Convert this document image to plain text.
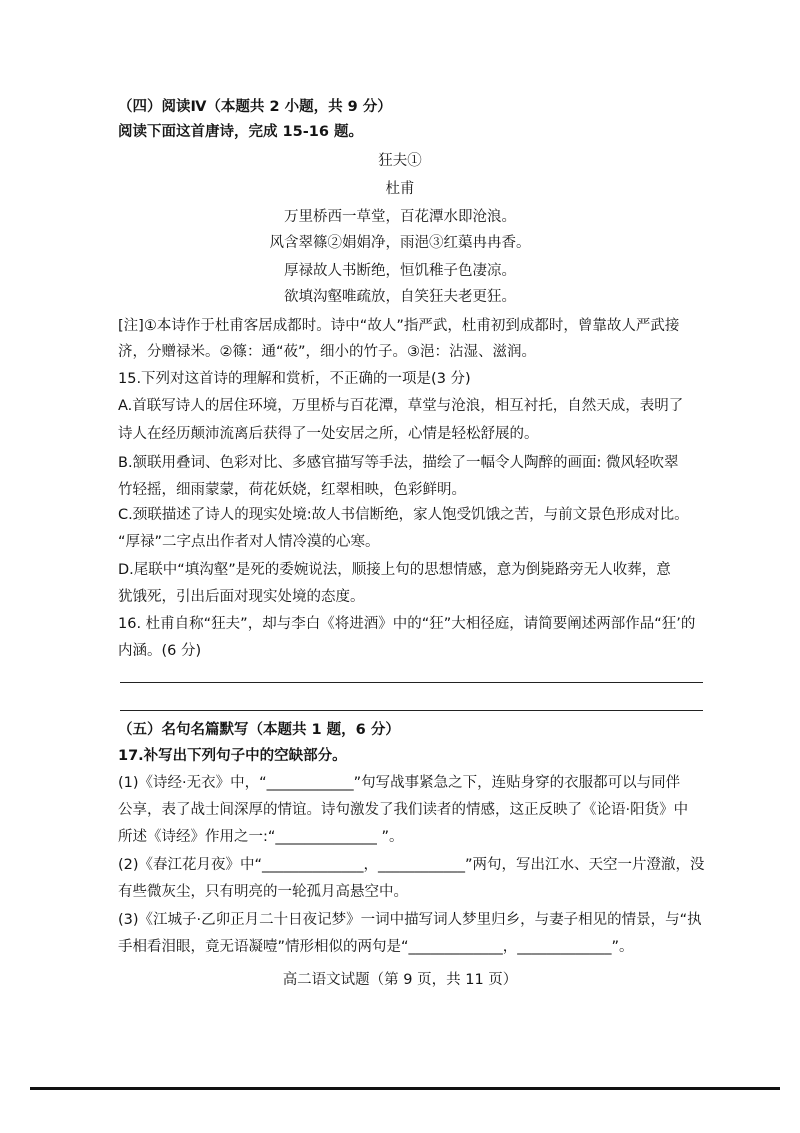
（四）阅读Ⅳ（本题共 2 小题，共 9 分）
阅读下面这首唐诗，完成 15-16 题。
狂夫①
杜甫
万里桥西一草堂，百花潭水即沧浪。
风含翠篠②娟娟净，雨浥③红蕖冉冉香。
厚禄故人书断绝，恒饥稚子色凄凉。
欲填沟壑唯疏放，自笑狂夫老更狂。
[注]①本诗作于杜甫客居成都时。诗中“故人”指严武，杜甫初到成都时，曾靠故人严武接
济，分赠禄米。②篠：通“莜”，细小的竹子。③浥：沾湿、滋润。
15.下列对这首诗的理解和赏析，不正确的一项是(3 分)
A.首联写诗人的居住环境，万里桥与百花潭，草堂与沧浪，相互衬托，自然天成，表明了
诗人在经历颠沛流离后获得了一处安居之所，心情是轻松舒展的。
B.颔联用叠词、色彩对比、多感官描写等手法，描绘了一幅令人陶醉的画面: 微风轻吹翠
竹轻摇，细雨蒙蒙，荷花妖娆，红翠相映，色彩鲜明。
C.颈联描述了诗人的现实处境:故人书信断绝，家人饱受饥饿之苦，与前文景色形成对比。
“厚禄”二字点出作者对人情冷漠的心寒。
D.尾联中“填沟壑”是死的委婉说法，顺接上句的思想情感，意为倒毙路旁无人收葬，意
犹饿死，引出后面对现实处境的态度。
16. 杜甫自称“狂夫”，却与李白《将进酒》中的“狂”大相径庭，请简要阐述两部作品“狂’的
内涵。(6 分)
（五）名句名篇默写（本题共 1 题，6 分）
17.补写出下列句子中的空缺部分。
(1)《诗经·无衣》中，“____________”句写战事紧急之下，连贴身穿的衣服都可以与同伴
公享，表了战士间深厚的情谊。诗句激发了我们读者的情感，这正反映了《论语·阳货》中
所述《诗经》作用之一:“______________ ”。
(2)《春江花月夜》中“______________，____________”两句，写出江水、天空一片澄澈，没
有些微灰尘，只有明亮的一轮孤月高悬空中。
(3)《江城子·乙卯正月二十日夜记梦》一词中描写词人梦里归乡，与妻子相见的情景，与“执
手相看泪眼，竟无语凝噎”情形相似的两句是“_____________，_____________”。
高二语文试题（第 9 页，共 11 页）
